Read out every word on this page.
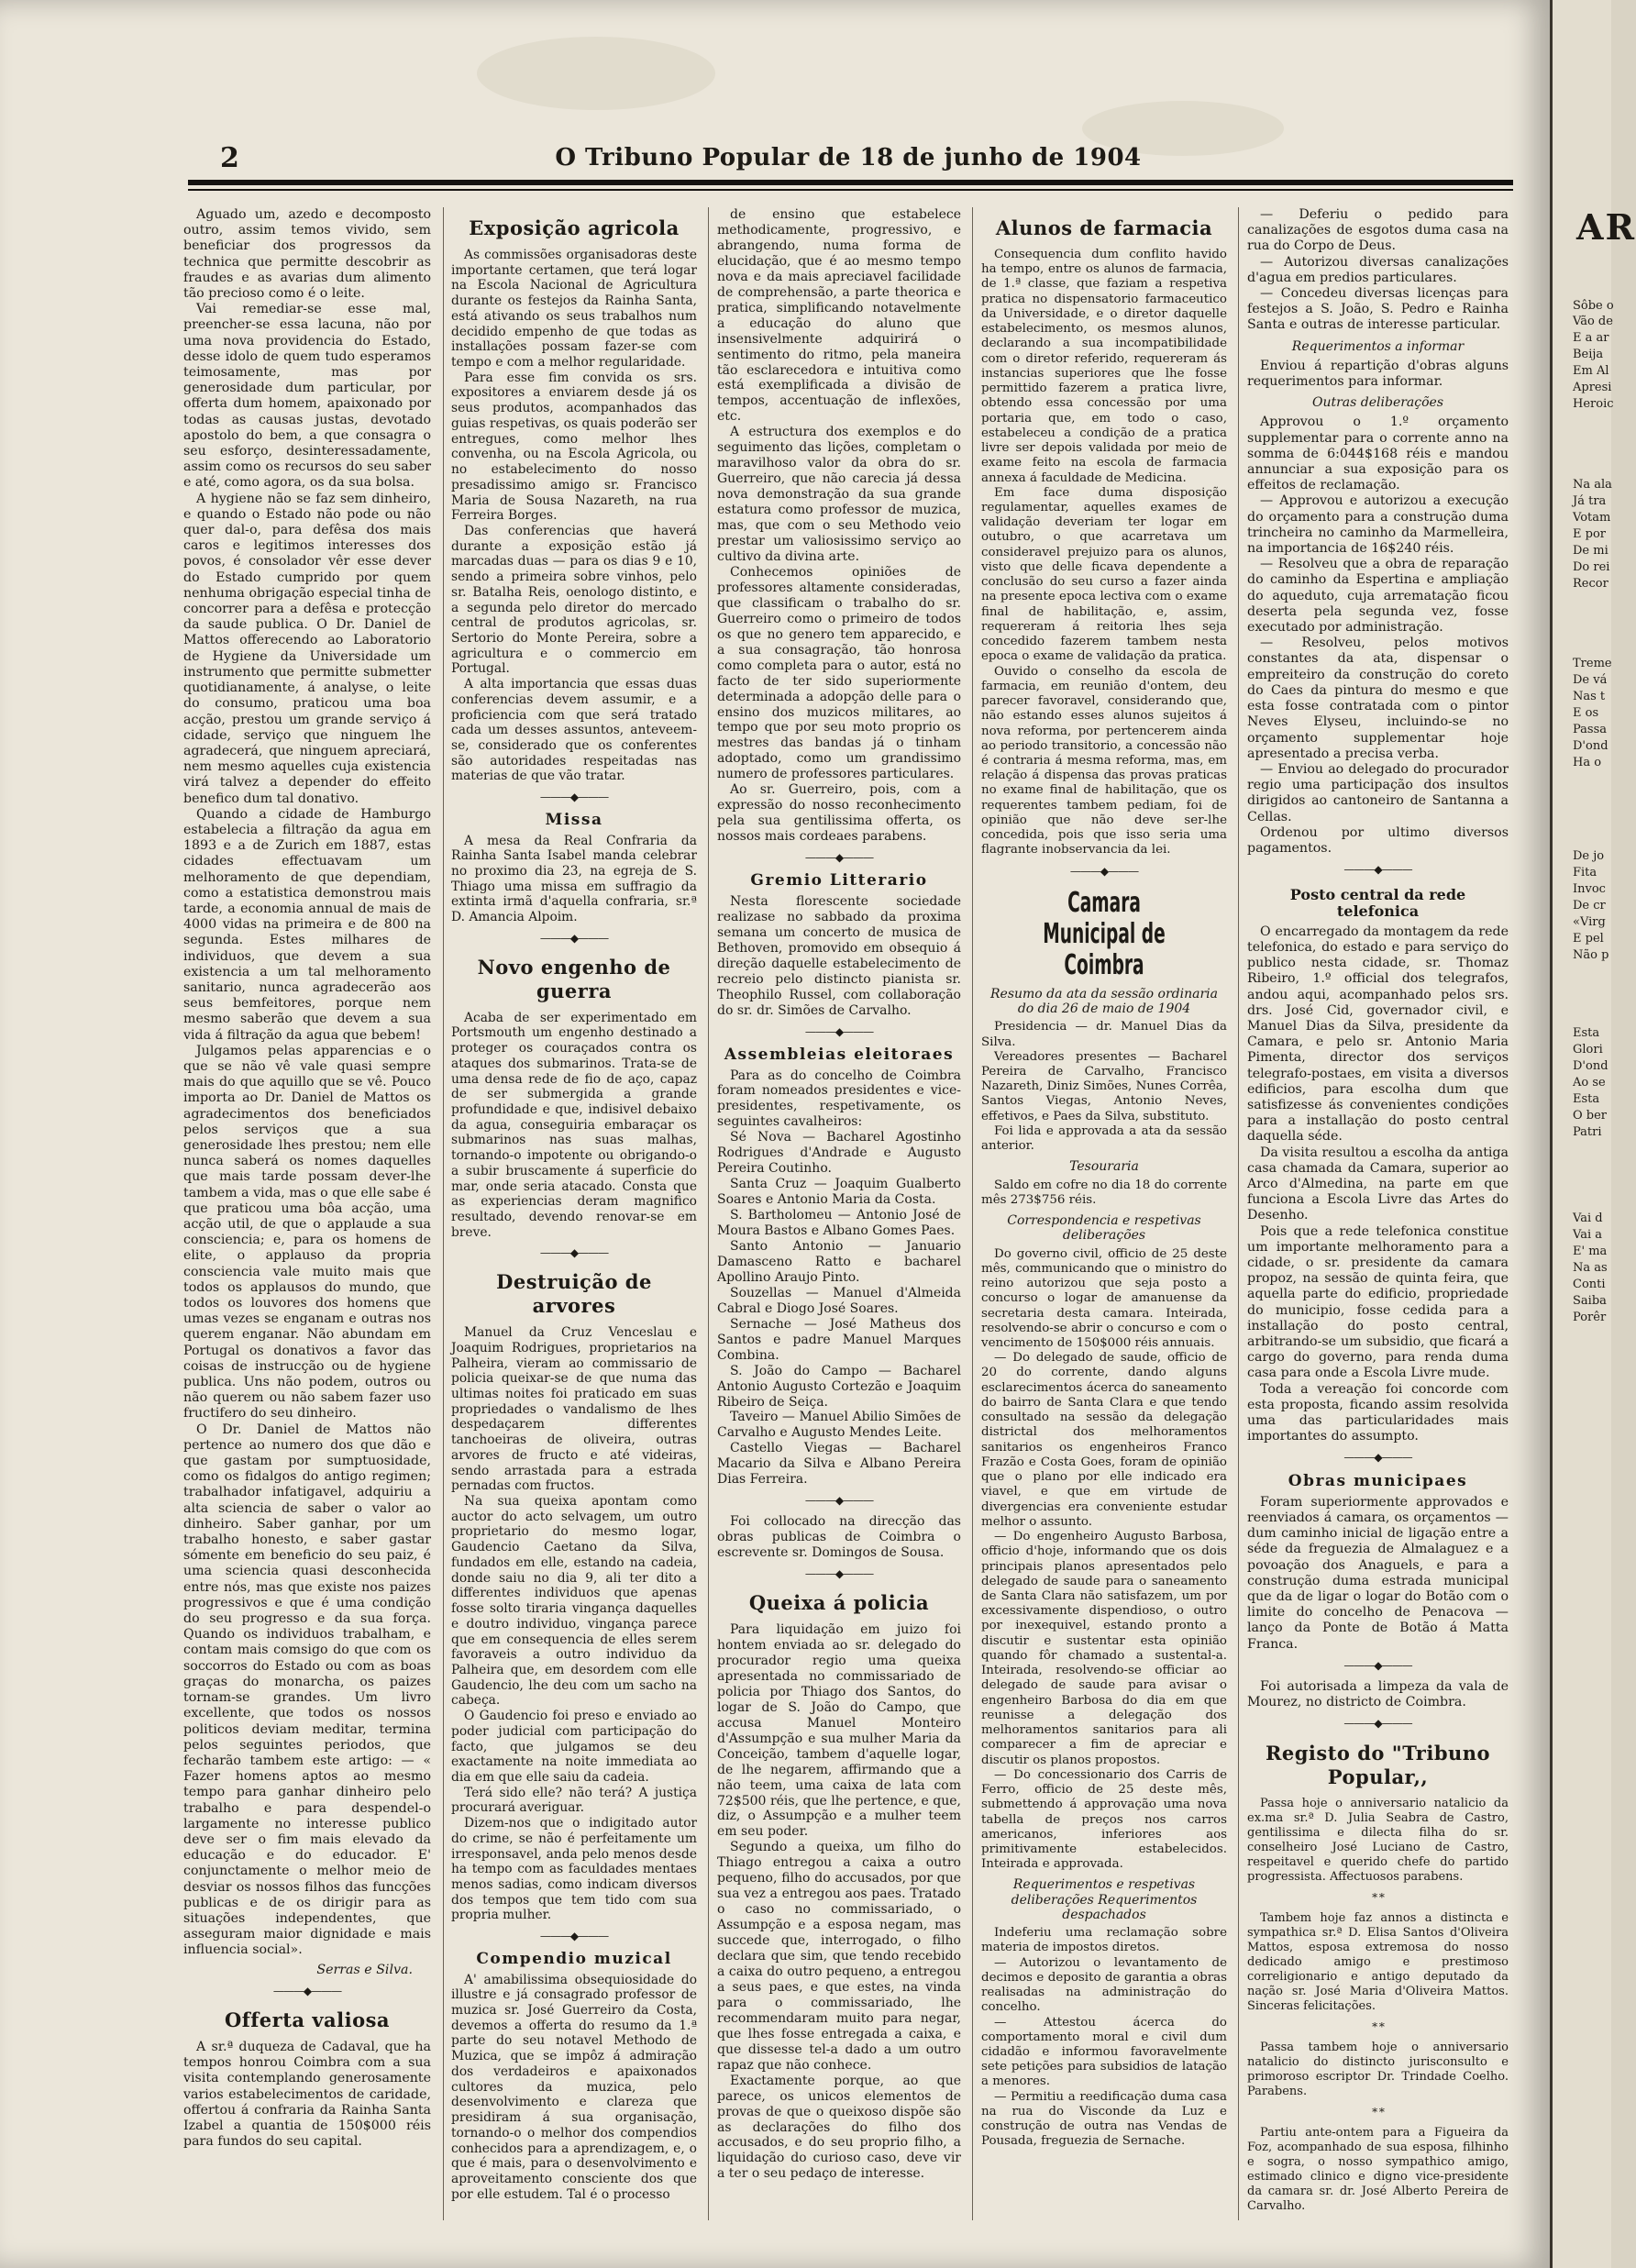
2	O Tribuno Popular de 18 de junho de 1904

Aguado um, azedo e decomposto outro, assim temos vivido, sem beneficiar dos progressos da technica que permitte descobrir as fraudes e as avarias dum alimento tão precioso como é o leite.

Vai remediar-se esse mal, preencher-se essa lacuna, não por uma nova providencia do Estado, desse idolo de quem tudo esperamos teimosamente, mas por generosidade dum particular, por offerta dum homem, apaixonado por todas as causas justas, devotado apostolo do bem, a que consagra o seu esforço, desinteressadamente, assim como os recursos do seu saber e até, como agora, os da sua bolsa.

A hygiene não se faz sem dinheiro, e quando o Estado não pode ou não quer dal-o, para defêsa dos mais caros e legitimos interesses dos povos, é consolador vêr esse dever do Estado cumprido por quem nenhuma obrigação especial tinha de concorrer para a defêsa e protecção da saude publica. O Dr. Daniel de Mattos offerecendo ao Laboratorio de Hygiene da Universidade um instrumento que permitte submetter quotidianamente, á analyse, o leite do consumo, praticou uma boa acção, prestou um grande serviço á cidade, serviço que ninguem lhe agradecerá, que ninguem apreciará, nem mesmo aquelles cuja existencia virá talvez a depender do effeito benefico dum tal donativo.

Quando a cidade de Hamburgo estabelecia a filtração da agua em 1893 e a de Zurich em 1887, estas cidades effectuavam um melhoramento de que dependiam, como a estatistica demonstrou mais tarde, a economia annual de mais de 4000 vidas na primeira e de 800 na segunda. Estes milhares de individuos, que devem a sua existencia a um tal melhoramento sanitario, nunca agradecerão aos seus bemfeitores, porque nem mesmo saberão que devem a sua vida á filtração da agua que bebem!

Julgamos pelas apparencias e o que se não vê vale quasi sempre mais do que aquillo que se vê. Pouco importa ao Dr. Daniel de Mattos os agradecimentos dos beneficiados pelos serviços que a sua generosidade lhes prestou; nem elle nunca saberá os nomes daquelles que mais tarde possam dever-lhe tambem a vida, mas o que elle sabe é que praticou uma bôa acção, uma acção util, de que o applaude a sua consciencia; e, para os homens de elite, o applauso da propria consciencia vale muito mais que todos os applausos do mundo, que todos os louvores dos homens que umas vezes se enganam e outras nos querem enganar. Não abundam em Portugal os donativos a favor das coisas de instrucção ou de hygiene publica. Uns não podem, outros ou não querem ou não sabem fazer uso fructifero do seu dinheiro.

O Dr. Daniel de Mattos não pertence ao numero dos que dão e que gastam por sumptuosidade, como os fidalgos do antigo regimen; trabalhador infatigavel, adquiriu a alta sciencia de saber o valor ao dinheiro. Saber ganhar, por um trabalho honesto, e saber gastar sómente em beneficio do seu paiz, é uma sciencia quasi desconhecida entre nós, mas que existe nos paizes progressivos e que é uma condição do seu progresso e da sua força. Quando os individuos trabalham, e contam mais comsigo do que com os soccorros do Estado ou com as boas graças do monarcha, os paizes tornam-se grandes. Um livro excellente, que todos os nossos politicos deviam meditar, termina pelos seguintes periodos, que fecharão tambem este artigo: — « Fazer homens aptos ao mesmo tempo para ganhar dinheiro pelo trabalho e para despendel-o largamente no interesse publico deve ser o fim mais elevado da educação e do educador. E' conjunctamente o melhor meio de desviar os nossos filhos das funcções publicas e de os dirigir para as situações independentes, que asseguram maior dignidade e mais influencia social».

Serras e Silva.
———◆———
Offerta valiosa

A sr.ª duqueza de Cadaval, que ha tempos honrou Coimbra com a sua visita contemplando generosamente varios estabelecimentos de caridade, offertou á confraria da Rainha Santa Izabel a quantia de 150$000 réis para fundos do seu capital.

Exposição agricola

As commissões organisadoras deste importante certamen, que terá logar na Escola Nacional de Agricultura durante os festejos da Rainha Santa, está ativando os seus trabalhos num decidido empenho de que todas as installações possam fazer-se com tempo e com a melhor regularidade.

Para esse fim convida os srs. expositores a enviarem desde já os seus produtos, acompanhados das guias respetivas, os quais poderão ser entregues, como melhor lhes convenha, ou na Escola Agricola, ou no estabelecimento do nosso presadissimo amigo sr. Francisco Maria de Sousa Nazareth, na rua Ferreira Borges.

Das conferencias que haverá durante a exposição estão já marcadas duas — para os dias 9 e 10, sendo a primeira sobre vinhos, pelo sr. Batalha Reis, oenologo distinto, e a segunda pelo diretor do mercado central de produtos agricolas, sr. Sertorio do Monte Pereira, sobre a agricultura e o commercio em Portugal.

A alta importancia que essas duas conferencias devem assumir, e a proficiencia com que será tratado cada um desses assuntos, anteveem-se, considerado que os conferentes são autoridades respeitadas nas materias de que vão tratar.

———◆———
Missa

A mesa da Real Confraria da Rainha Santa Isabel manda celebrar no proximo dia 23, na egreja de S. Thiago uma missa em suffragio da extinta irmã d'aquella confraria, sr.ª D. Amancia Alpoim.

———◆———
Novo engenho de guerra

Acaba de ser experimentado em Portsmouth um engenho destinado a proteger os couraçados contra os ataques dos submarinos. Trata-se de uma densa rede de fio de aço, capaz de ser submergida a grande profundidade e que, indisivel debaixo da agua, conseguiria embaraçar os submarinos nas suas malhas, tornando-o impotente ou obrigando-o a subir bruscamente á superficie do mar, onde seria atacado. Consta que as experiencias deram magnifico resultado, devendo renovar-se em breve.

———◆———
Destruição de arvores

Manuel da Cruz Venceslau e Joaquim Rodrigues, proprietarios na Palheira, vieram ao commissario de policia queixar-se de que numa das ultimas noites foi praticado em suas propriedades o vandalismo de lhes despedaçarem differentes tanchoeiras de oliveira, outras arvores de fructo e até videiras, sendo arrastada para a estrada pernadas com fructos.

Na sua queixa apontam como auctor do acto selvagem, um outro proprietario do mesmo logar, Gaudencio Caetano da Silva, fundados em elle, estando na cadeia, donde saiu no dia 9, ali ter dito a differentes individuos que apenas fosse solto tiraria vingança daquelles e doutro individuo, vingança parece que em consequencia de elles serem favoraveis a outro individuo da Palheira que, em desordem com elle Gaudencio, lhe deu com um sacho na cabeça.

O Gaudencio foi preso e enviado ao poder judicial com participação do facto, que julgamos se deu exactamente na noite immediata ao dia em que elle saiu da cadeia.

Terá sido elle? não terá? A justiça procurará averiguar.

Dizem-nos que o indigitado autor do crime, se não é perfeitamente um irresponsavel, anda pelo menos desde ha tempo com as faculdades mentaes menos sadias, como indicam diversos dos tempos que tem tido com sua propria mulher.

———◆———
Compendio muzical

A' amabilissima obsequiosidade do illustre e já consagrado professor de muzica sr. José Guerreiro da Costa, devemos a offerta do resumo da 1.ª parte do seu notavel Methodo de Muzica, que se impôz á admiração dos verdadeiros e apaixonados cultores da muzica, pelo desenvolvimento e clareza que presidiram á sua organisação, tornando-o o melhor dos compendios conhecidos para a aprendizagem, e, o que é mais, para o desenvolvimento e aproveitamento consciente dos que por elle estudem. Tal é o processo

de ensino que estabelece methodicamente, progressivo, e abrangendo, numa forma de elucidação, que é ao mesmo tempo nova e da mais apreciavel facilidade de comprehensão, a parte theorica e pratica, simplificando notavelmente a educação do aluno que insensivelmente adquirirá o sentimento do ritmo, pela maneira tão esclarecedora e intuitiva como está exemplificada a divisão de tempos, accentuação de inflexões, etc.

A estructura dos exemplos e do seguimento das lições, completam o maravilhoso valor da obra do sr. Guerreiro, que não carecia já dessa nova demonstração da sua grande estatura como professor de muzica, mas, que com o seu Methodo veio prestar um valiosissimo serviço ao cultivo da divina arte.

Conhecemos opiniões de professores altamente consideradas, que classificam o trabalho do sr. Guerreiro como o primeiro de todos os que no genero tem apparecido, e a sua consagração, tão honrosa como completa para o autor, está no facto de ter sido superiormente determinada a adopção delle para o ensino dos muzicos militares, ao tempo que por seu moto proprio os mestres das bandas já o tinham adoptado, como um grandissimo numero de professores particulares.

Ao sr. Guerreiro, pois, com a expressão do nosso reconhecimento pela sua gentilissima offerta, os nossos mais cordeaes parabens.

———◆———
Gremio Litterario

Nesta florescente sociedade realizase no sabbado da proxima semana um concerto de musica de Bethoven, promovido em obsequio á direção daquelle estabelecimento de recreio pelo distincto pianista sr. Theophilo Russel, com collaboração do sr. dr. Simões de Carvalho.

———◆———
Assembleias eleitoraes

Para as do concelho de Coimbra foram nomeados presidentes e vice-presidentes, respetivamente, os seguintes cavalheiros:

Sé Nova — Bacharel Agostinho Rodrigues d'Andrade e Augusto Pereira Coutinho.

Santa Cruz — Joaquim Gualberto Soares e Antonio Maria da Costa.

S. Bartholomeu — Antonio José de Moura Bastos e Albano Gomes Paes.

Santo Antonio — Januario Damasceno Ratto e bacharel Apollino Araujo Pinto.

Souzellas — Manuel d'Almeida Cabral e Diogo José Soares.

Sernache — José Matheus dos Santos e padre Manuel Marques Combina.

S. João do Campo — Bacharel Antonio Augusto Cortezão e Joaquim Ribeiro de Seiça.

Taveiro — Manuel Abilio Simões de Carvalho e Augusto Mendes Leite.

Castello Viegas — Bacharel Macario da Silva e Albano Pereira Dias Ferreira.

———◆———

Foi collocado na direcção das obras publicas de Coimbra o escrevente sr. Domingos de Sousa.

———◆———
Queixa á policia

Para liquidação em juizo foi hontem enviada ao sr. delegado do procurador regio uma queixa apresentada no commissariado de policia por Thiago dos Santos, do logar de S. João do Campo, que accusa Manuel Monteiro d'Assumpção e sua mulher Maria da Conceição, tambem d'aquelle logar, de lhe negarem, affirmando que a não teem, uma caixa de lata com 72$500 réis, que lhe pertence, e que, diz, o Assumpção e a mulher teem em seu poder.

Segundo a queixa, um filho do Thiago entregou a caixa a outro pequeno, filho do accusados, por que sua vez a entregou aos paes. Tratado o caso no commissariado, o Assumpção e a esposa negam, mas succede que, interrogado, o filho declara que sim, que tendo recebido a caixa do outro pequeno, a entregou a seus paes, e que estes, na vinda para o commissariado, lhe recommendaram muito para negar, que lhes fosse entregada a caixa, e que dissesse tel-a dado a um outro rapaz que não conhece.

Exactamente porque, ao que parece, os unicos elementos de provas de que o queixoso dispõe são as declarações do filho dos accusados, e do seu proprio filho, a liquidação do curioso caso, deve vir a ter o seu pedaço de interesse.

Alunos de farmacia

Consequencia dum conflito havido ha tempo, entre os alunos de farmacia, de 1.ª classe, que faziam a respetiva pratica no dispensatorio farmaceutico da Universidade, e o diretor daquelle estabelecimento, os mesmos alunos, declarando a sua incompatibilidade com o diretor referido, requereram ás instancias superiores que lhe fosse permittido fazerem a pratica livre, obtendo essa concessão por uma portaria que, em todo o caso, estabeleceu a condição de a pratica livre ser depois validada por meio de exame feito na escola de farmacia annexa á faculdade de Medicina.

Em face duma disposição regulamentar, aquelles exames de validação deveriam ter logar em outubro, o que acarretava um consideravel prejuizo para os alunos, visto que delle ficava dependente a conclusão do seu curso a fazer ainda na presente epoca lectiva com o exame final de habilitação, e, assim, requereram á reitoria lhes seja concedido fazerem tambem nesta epoca o exame de validação da pratica.

Ouvido o conselho da escola de farmacia, em reunião d'ontem, deu parecer favoravel, considerando que, não estando esses alunos sujeitos á nova reforma, por pertencerem ainda ao periodo transitorio, a concessão não é contraria á mesma reforma, mas, em relação á dispensa das provas praticas no exame final de habilitação, que os requerentes tambem pediam, foi de opinião que não deve ser-lhe concedida, pois que isso seria uma flagrante inobservancia da lei.

———◆———
Camara Municipal de Coimbra
Resumo da ata da sessão ordinaria do dia 26 de maio de 1904

Presidencia — dr. Manuel Dias da Silva.

Vereadores presentes — Bacharel Pereira de Carvalho, Francisco Nazareth, Diniz Simões, Nunes Corrêa, Santos Viegas, Antonio Neves, effetivos, e Paes da Silva, substituto.

Foi lida e approvada a ata da sessão anterior.

Tesouraria

Saldo em cofre no dia 18 do corrente mês 273$756 réis.

Correspondencia e respetivas deliberações

Do governo civil, officio de 25 deste mês, communicando que o ministro do reino autorizou que seja posto a concurso o logar de amanuense da secretaria desta camara. Inteirada, resolvendo-se abrir o concurso e com o vencimento de 150$000 réis annuais.

— Do delegado de saude, officio de 20 do corrente, dando alguns esclarecimentos ácerca do saneamento do bairro de Santa Clara e que tendo consultado na sessão da delegação districtal dos melhoramentos sanitarios os engenheiros Franco Frazão e Costa Goes, foram de opinião que o plano por elle indicado era viavel, e que em virtude de divergencias era conveniente estudar melhor o assunto.

— Do engenheiro Augusto Barbosa, officio d'hoje, informando que os dois principais planos apresentados pelo delegado de saude para o saneamento de Santa Clara não satisfazem, um por excessivamente dispendioso, o outro por inexequivel, estando pronto a discutir e sustentar esta opinião quando fôr chamado a sustental-a. Inteirada, resolvendo-se officiar ao delegado de saude para avisar o engenheiro Barbosa do dia em que reunisse a delegação dos melhoramentos sanitarios para ali comparecer a fim de apreciar e discutir os planos propostos.

— Do concessionario dos Carris de Ferro, officio de 25 deste mês, submettendo á approvação uma nova tabella de preços nos carros americanos, inferiores aos primitivamente estabelecidos. Inteirada e approvada.

Requerimentos e respetivas deliberações Requerimentos despachados

Indeferiu uma reclamação sobre materia de impostos diretos.

— Autorizou o levantamento de decimos e deposito de garantia a obras realisadas na administração do concelho.

— Attestou ácerca do comportamento moral e civil dum cidadão e informou favoravelmente sete petições para subsidios de latação a menores.

— Permitiu a reedificação duma casa na rua do Visconde da Luz e construção de outra nas Vendas de Pousada, freguezia de Sernache.

— Deferiu o pedido para canalizações de esgotos duma casa na rua do Corpo de Deus.

— Autorizou diversas canalizações d'agua em predios particulares.

— Concedeu diversas licenças para festejos a S. João, S. Pedro e Rainha Santa e outras de interesse particular.

Requerimentos a informar

Enviou á repartição d'obras alguns requerimentos para informar.

Outras deliberações

Approvou o 1.º orçamento supplementar para o corrente anno na somma de 6:044$168 réis e mandou annunciar a sua exposição para os effeitos de reclamação.

— Approvou e autorizou a execução do orçamento para a construção duma trincheira no caminho da Marmelleira, na importancia de 16$240 réis.

— Resolveu que a obra de reparação do caminho da Espertina e ampliação do aqueduto, cuja arrematação ficou deserta pela segunda vez, fosse executado por administração.

— Resolveu, pelos motivos constantes da ata, dispensar o empreiteiro da construção do coreto do Caes da pintura do mesmo e que esta fosse contratada com o pintor Neves Elyseu, incluindo-se no orçamento supplementar hoje apresentado a precisa verba.

— Enviou ao delegado do procurador regio uma participação dos insultos dirigidos ao cantoneiro de Santanna a Cellas.

Ordenou por ultimo diversos pagamentos.

———◆———
Posto central da rede telefonica

O encarregado da montagem da rede telefonica, do estado e para serviço do publico nesta cidade, sr. Thomaz Ribeiro, 1.º official dos telegrafos, andou aqui, acompanhado pelos srs. drs. José Cid, governador civil, e Manuel Dias da Silva, presidente da Camara, e pelo sr. Antonio Maria Pimenta, director dos serviços telegrafo-postaes, em visita a diversos edificios, para escolha dum que satisfizesse ás convenientes condições para a installação do posto central daquella séde.

Da visita resultou a escolha da antiga casa chamada da Camara, superior ao Arco d'Almedina, na parte em que funciona a Escola Livre das Artes do Desenho.

Pois que a rede telefonica constitue um importante melhoramento para a cidade, o sr. presidente da camara propoz, na sessão de quinta feira, que aquella parte do edificio, propriedade do municipio, fosse cedida para a installação do posto central, arbitrando-se um subsidio, que ficará a cargo do governo, para renda duma casa para onde a Escola Livre mude.

Toda a vereação foi concorde com esta proposta, ficando assim resolvida uma das particularidades mais importantes do assumpto.

———◆———
Obras municipaes

Foram superiormente approvados e reenviados á camara, os orçamentos — dum caminho inicial de ligação entre a séde da freguezia de Almalaguez e a povoação dos Anaguels, e para a construção duma estrada municipal que da de ligar o logar do Botão com o limite do concelho de Penacova — lanço da Ponte de Botão á Matta Franca.

———◆———

Foi autorisada a limpeza da vala de Mourez, no districto de Coimbra.

———◆———
Registo do "Tribuno Popular,,

Passa hoje o anniversario natalicio da ex.ma sr.ª D. Julia Seabra de Castro, gentilissima e dilecta filha do sr. conselheiro José Luciano de Castro, respeitavel e querido chefe do partido progressista. Affectuosos parabens.

* *

Tambem hoje faz annos a distincta e sympathica sr.ª D. Elisa Santos d'Oliveira Mattos, esposa extremosa do nosso dedicado amigo e prestimoso correligionario e antigo deputado da nação sr. José Maria d'Oliveira Mattos. Sinceras felicitações.

* *

Passa tambem hoje o anniversario natalicio do distincto jurisconsulto e primoroso escriptor Dr. Trindade Coelho. Parabens.

* *

Partiu ante-ontem para a Figueira da Foz, acompanhado de sua esposa, filhinho e sogra, o nosso sympathico amigo, estimado clinico e digno vice-presidente da camara sr. dr. José Alberto Pereira de Carvalho.

AR
Sôbe o
Vão de
E a ar
Beija
Em Al
Apresi
Heroic
Na ala
Já tra
Votam
E por
De mi
Do rei
Recor
Treme
De vá
Nas t
E os
Passa
D'ond
Ha o
De jo
Fita
Invoc
De cr
«Virg
E pel
Não p
Esta
Glori
D'ond
Ao se
Esta
O ber
Patri
Vai d
Vai a
E' ma
Na as
Conti
Saiba
Porêr
